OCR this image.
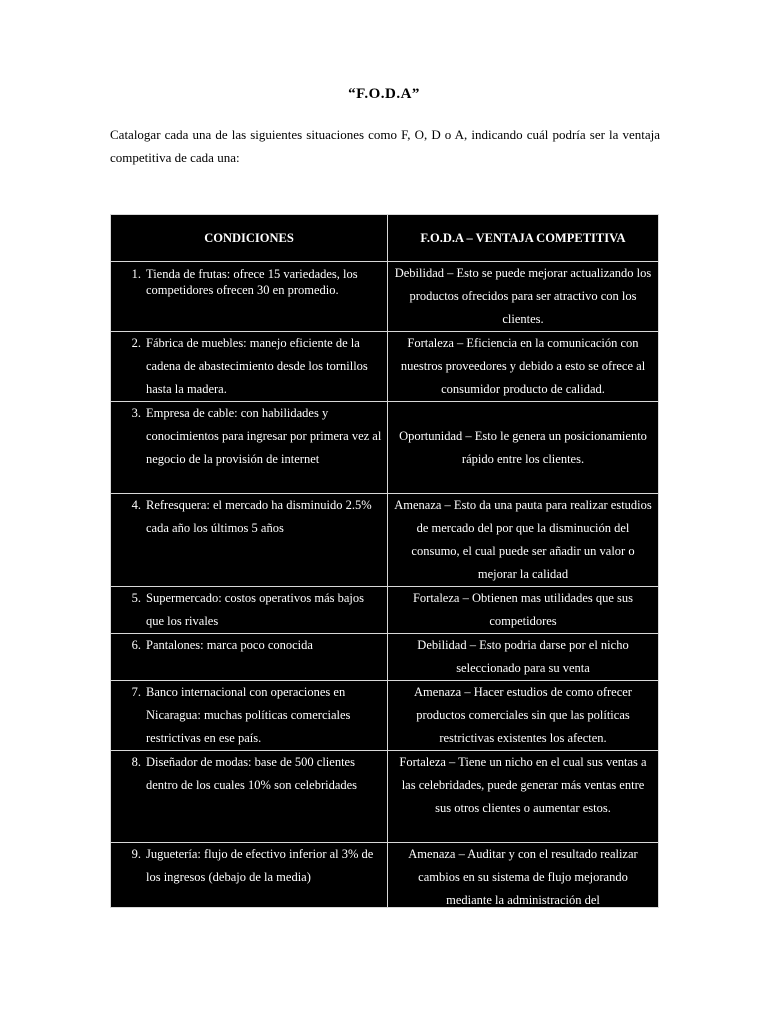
“F.O.D.A”
Catalogar cada una de las siguientes situaciones como F, O, D o A, indicando cuál podría ser la ventaja competitiva de cada una:
CONDICIONES	F.O.D.A – VENTAJA COMPETITIVA

1. Tienda de frutas: ofrece 15 variedades, los competidores ofrecen 30 en promedio.	Debilidad – Esto se puede mejorar actualizando los productos ofrecidos para ser atractivo con los clientes.

2. Fábrica de muebles: manejo eficiente de la cadena de abastecimiento desde los tornillos hasta la madera.	Fortaleza – Eficiencia en la comunicación con nuestros proveedores y debido a esto se ofrece al consumidor producto de calidad.

3. Empresa de cable: con habilidades y conocimientos para ingresar por primera vez al negocio de la provisión de internet	Oportunidad – Esto le genera un posicionamiento rápido entre los clientes.

4. Refresquera: el mercado ha disminuido 2.5% cada año los últimos 5 años	Amenaza – Esto da una pauta para realizar estudios de mercado del por que la disminución del consumo, el cual puede ser añadir un valor o mejorar la calidad

5. Supermercado: costos operativos más bajos que los rivales	Fortaleza – Obtienen mas utilidades que sus competidores

6. Pantalones: marca poco conocida	Debilidad – Esto podria darse por el nicho seleccionado para su venta

7. Banco internacional con operaciones en Nicaragua: muchas políticas comerciales restrictivas en ese país.	Amenaza – Hacer estudios de como ofrecer productos comerciales sin que las políticas restrictivas existentes los afecten.

8. Diseñador de modas: base de 500 clientes dentro de los cuales 10% son celebridades	Fortaleza – Tiene un nicho en el cual sus ventas a las celebridades, puede generar más ventas entre sus otros clientes o aumentar estos.

9. Juguetería: flujo de efectivo inferior al 3% de los ingresos (debajo de la media)	Amenaza – Auditar y con el resultado realizar cambios en su sistema de flujo mejorando mediante la administración del
